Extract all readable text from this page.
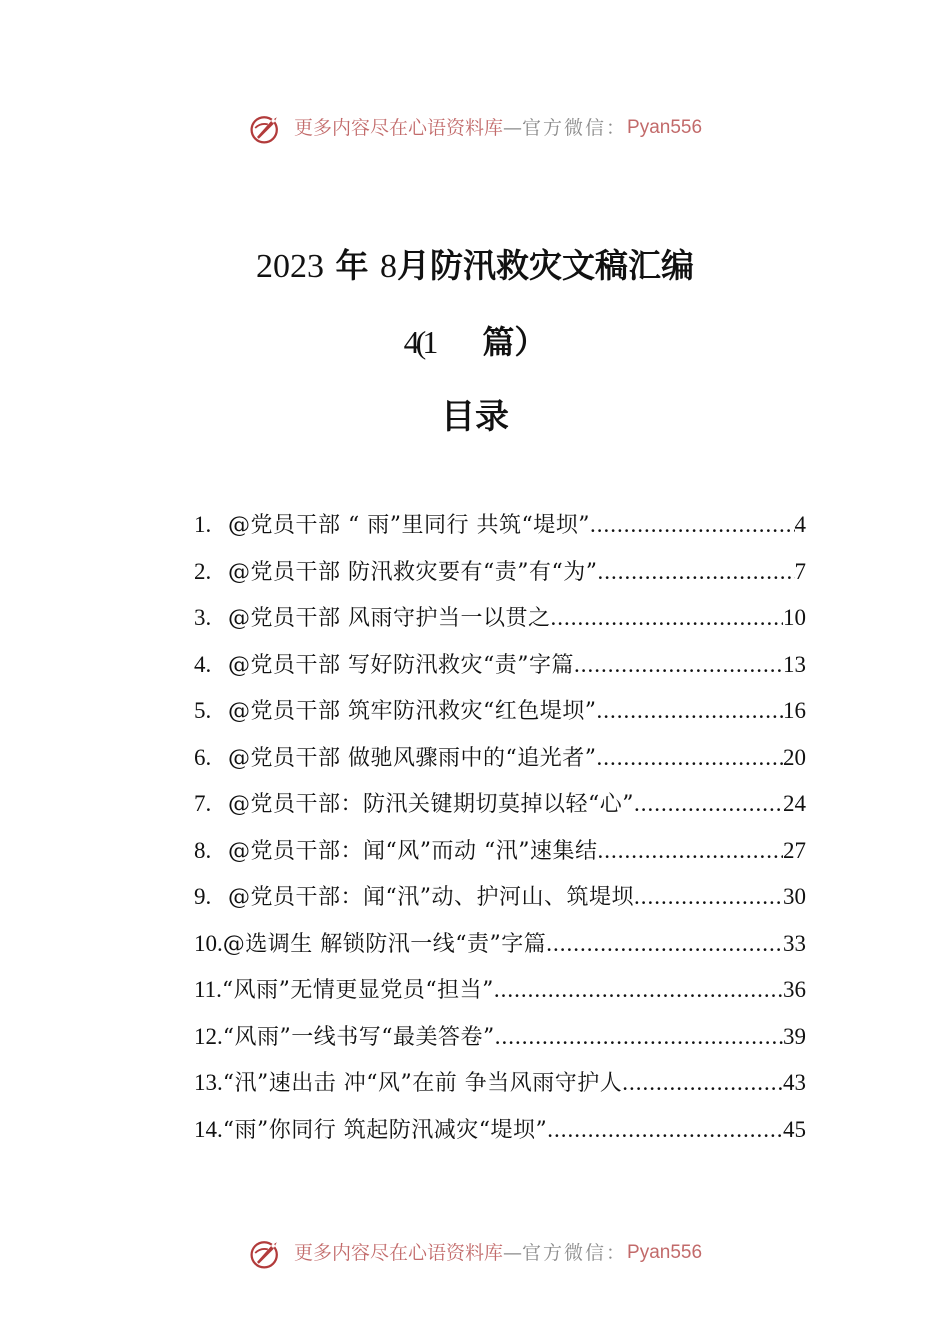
更多内容尽在心语资料库—官方微信：Pyan556
2023 年 8月防汛救灾文稿汇编
4(1 篇）
目录
1. @党员干部 “ 雨”里同行 共筑“堤坝” .....	4
2. @党员干部 防汛救灾要有“责”有“为” .....	7
3. @党员干部 风雨守护当一以贯之 .....	10
4. @党员干部 写好防汛救灾“责”字篇 .....	13
5. @党员干部 筑牢防汛救灾“红色堤坝” .....	16
6. @党员干部 做驰风骤雨中的“追光者” .....	20
7. @党员干部：防汛关键期切莫掉以轻“心” .....	24
8. @党员干部：闻“风”而动 “汛”速集结 .....	27
9. @党员干部：闻“汛”动、护河山、筑堤坝 .....	30
10. @选调生 解锁防汛一线“责”字篇 .....	33
11. “风雨”无情更显党员“担当” .....	36
12. “风雨”一线书写“最美答卷” .....	39
13. “汛”速出击 冲“风”在前 争当风雨守护人 .....	43
14. “雨”你同行 筑起防汛减灾“堤坝” .....	45
更多内容尽在心语资料库—官方微信：Pyan556
